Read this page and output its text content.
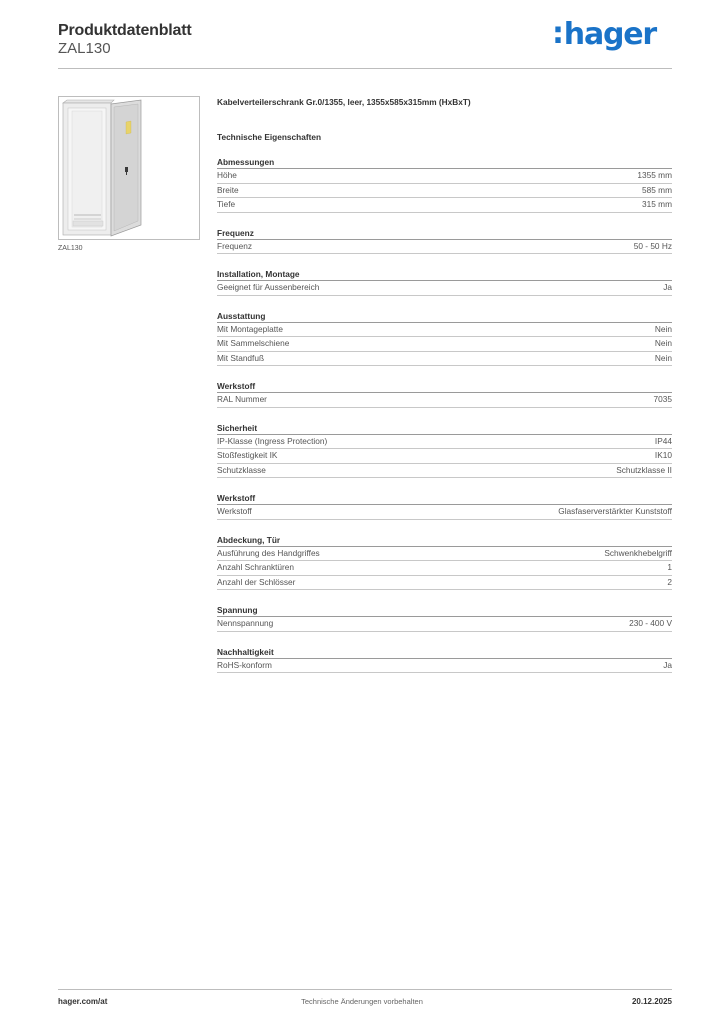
Produktdatenblatt
ZAL130	:hager
ZAL130
Kabelverteilerschrank Gr.0/1355, leer, 1355x585x315mm (HxBxT)
Technische Eigenschaften
Abmessungen
Höhe	1355 mm
Breite	585 mm
Tiefe	315 mm
Frequenz
Frequenz	50 - 50 Hz
Installation, Montage
Geeignet für Aussenbereich	Ja
Ausstattung
Mit Montageplatte	Nein
Mit Sammelschiene	Nein
Mit Standfuß	Nein
Werkstoff
RAL Nummer	7035
Sicherheit
IP-Klasse (Ingress Protection)	IP44
Stoßfestigkeit IK	IK10
Schutzklasse	Schutzklasse II
Werkstoff
Werkstoff	Glasfaserverstärkter Kunststoff
Abdeckung, Tür
Ausführung des Handgriffes	Schwenkhebelgriff
Anzahl Schranktüren	1
Anzahl der Schlösser	2
Spannung
Nennspannung	230 - 400 V
Nachhaltigkeit
RoHS-konform	Ja
hager.com/at	Technische Änderungen vorbehalten	20.12.2025
